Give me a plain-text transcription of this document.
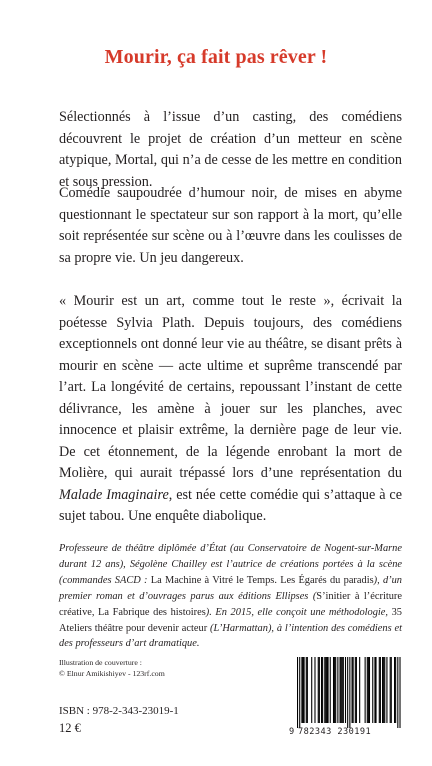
Mourir, ça fait pas rêver !

Sélectionnés à l’issue d’un casting, des comédiens découvrent le projet de création d’un metteur en scène atypique, Mortal, qui n’a de cesse de les mettre en condition et sous pression.

Comédie saupoudrée d’humour noir, de mises en abyme questionnant le spectateur sur son rapport à la mort, qu’elle soit représentée sur scène ou à l’œuvre dans les coulisses de sa propre vie. Un jeu dangereux.

« Mourir est un art, comme tout le reste », écrivait la poétesse Sylvia Plath. Depuis toujours, des comédiens exceptionnels ont donné leur vie au théâtre, se disant prêts à mourir en scène — acte ultime et suprême transcendé par l’art. La longévité de certains, repoussant l’instant de cette délivrance, les amène à jouer sur les planches, avec innocence et plaisir extrême, la dernière page de leur vie. De cet étonnement, de la légende enrobant la mort de Molière, qui aurait trépassé lors d’une représentation du Malade Imaginaire, est née cette comédie qui s’attaque à ce sujet tabou. Une enquête diabolique.

Professeure de théâtre diplômée d’État (au Conservatoire de Nogent-sur-Marne durant 12 ans), Ségolène Chailley est l’autrice de créations portées à la scène (commandes SACD : La Machine à Vitré le Temps. Les Égarés du paradis), d’un premier roman et d’ouvrages parus aux éditions Ellipses (S’initier à l’écriture créative, La Fabrique des histoires). En 2015, elle conçoit une méthodologie, 35 Ateliers théâtre pour devenir acteur (L’Harmattan), à l’intention des comédiens et des professeurs d’art dramatique.

Illustration de couverture :
© Elnur Amikishiyev - 123rf.com

ISBN : 978-2-343-23019-1

12 €	9 782343 230191
